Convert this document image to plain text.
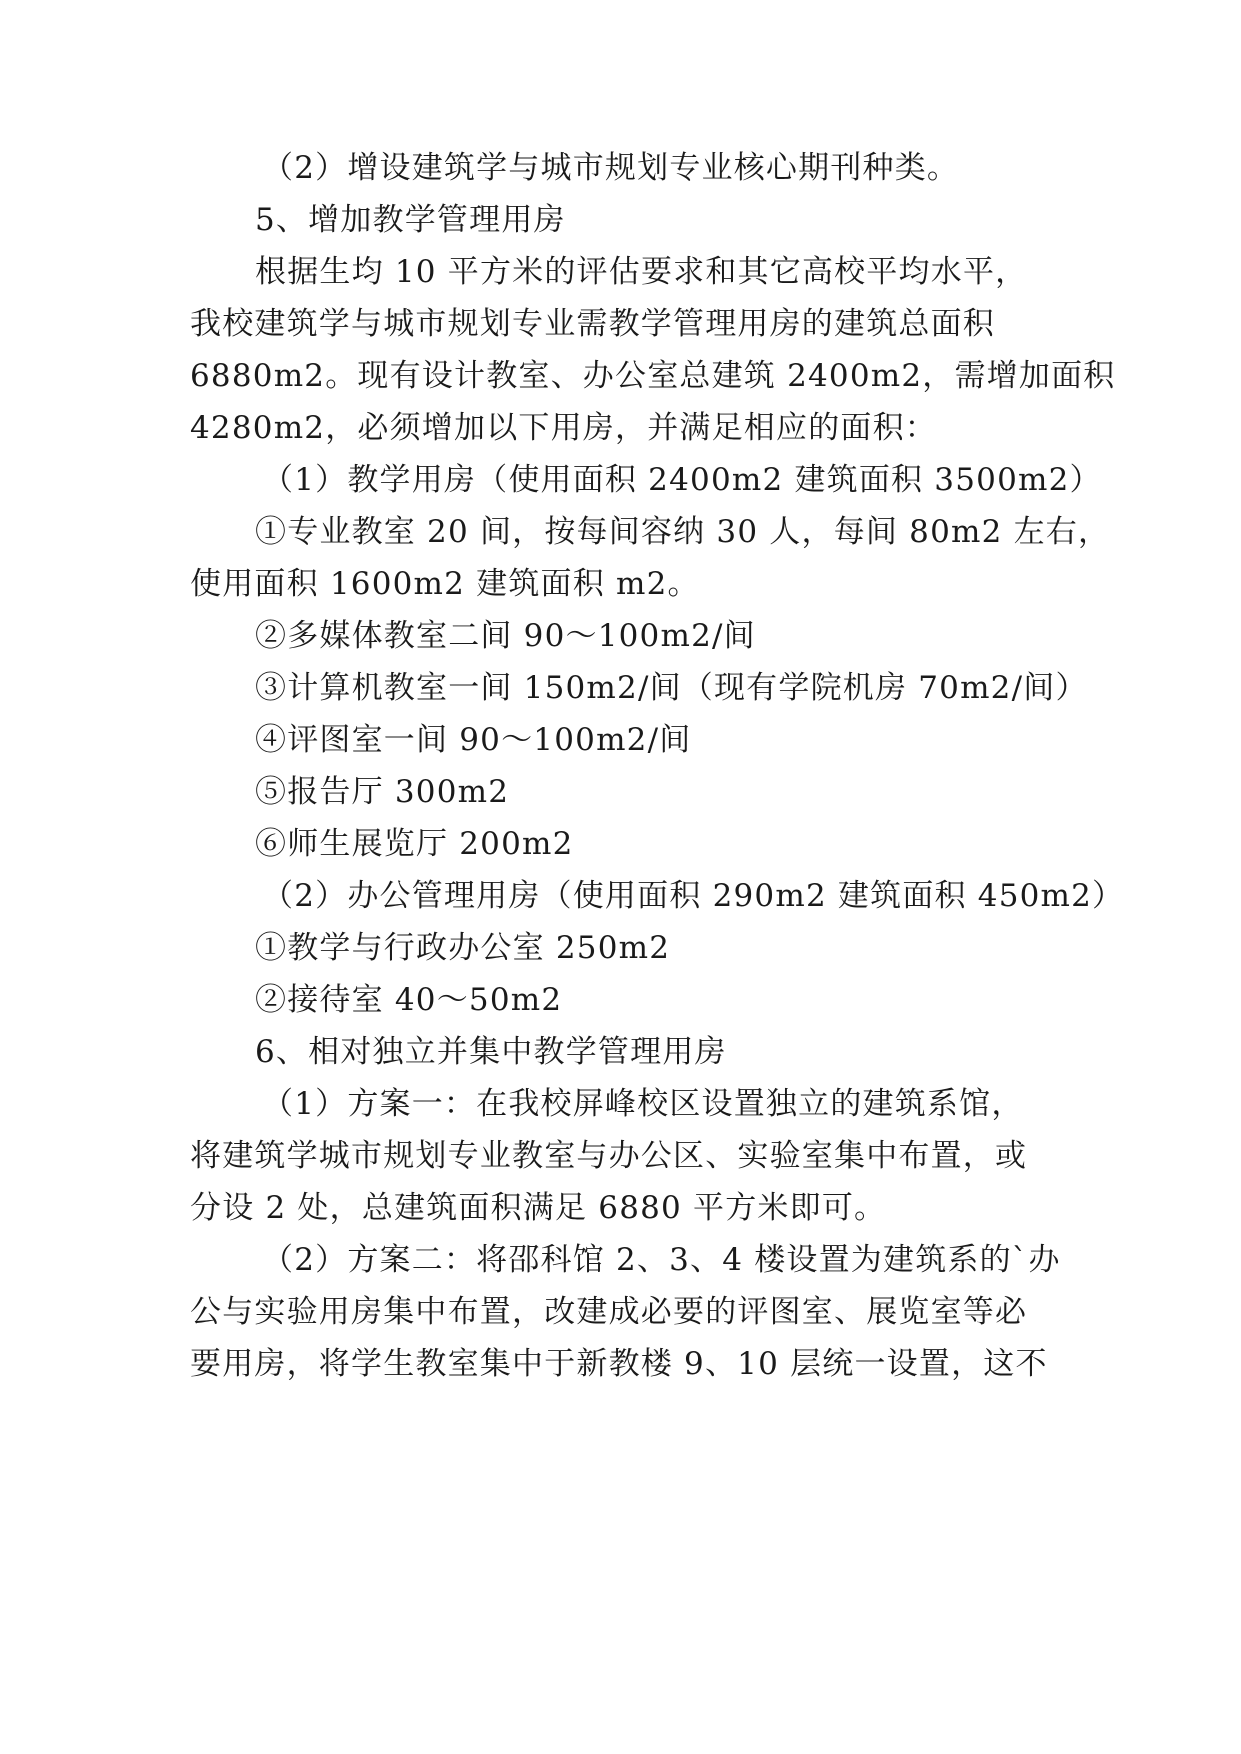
（2）增设建筑学与城市规划专业核心期刊种类。
5、增加教学管理用房
根据生均 10 平方米的评估要求和其它高校平均水平，
我校建筑学与城市规划专业需教学管理用房的建筑总面积
6880m2。现有设计教室、办公室总建筑 2400m2，需增加面积
4280m2，必须增加以下用房，并满足相应的面积：
（1）教学用房（使用面积 2400m2 建筑面积 3500m2）
①专业教室 20 间，按每间容纳 30 人，每间 80m2 左右，
使用面积 1600m2 建筑面积 m2。
②多媒体教室二间 90～100m2/间
③计算机教室一间 150m2/间（现有学院机房 70m2/间）
④评图室一间 90～100m2/间
⑤报告厅 300m2
⑥师生展览厅 200m2
（2）办公管理用房（使用面积 290m2 建筑面积 450m2）
①教学与行政办公室 250m2
②接待室 40～50m2
6、相对独立并集中教学管理用房
（1）方案一：在我校屏峰校区设置独立的建筑系馆，
将建筑学城市规划专业教室与办公区、实验室集中布置，或
分设 2 处，总建筑面积满足 6880 平方米即可。
（2）方案二：将邵科馆 2、3、4 楼设置为建筑系的`办
公与实验用房集中布置，改建成必要的评图室、展览室等必
要用房，将学生教室集中于新教楼 9、10 层统一设置，这不
